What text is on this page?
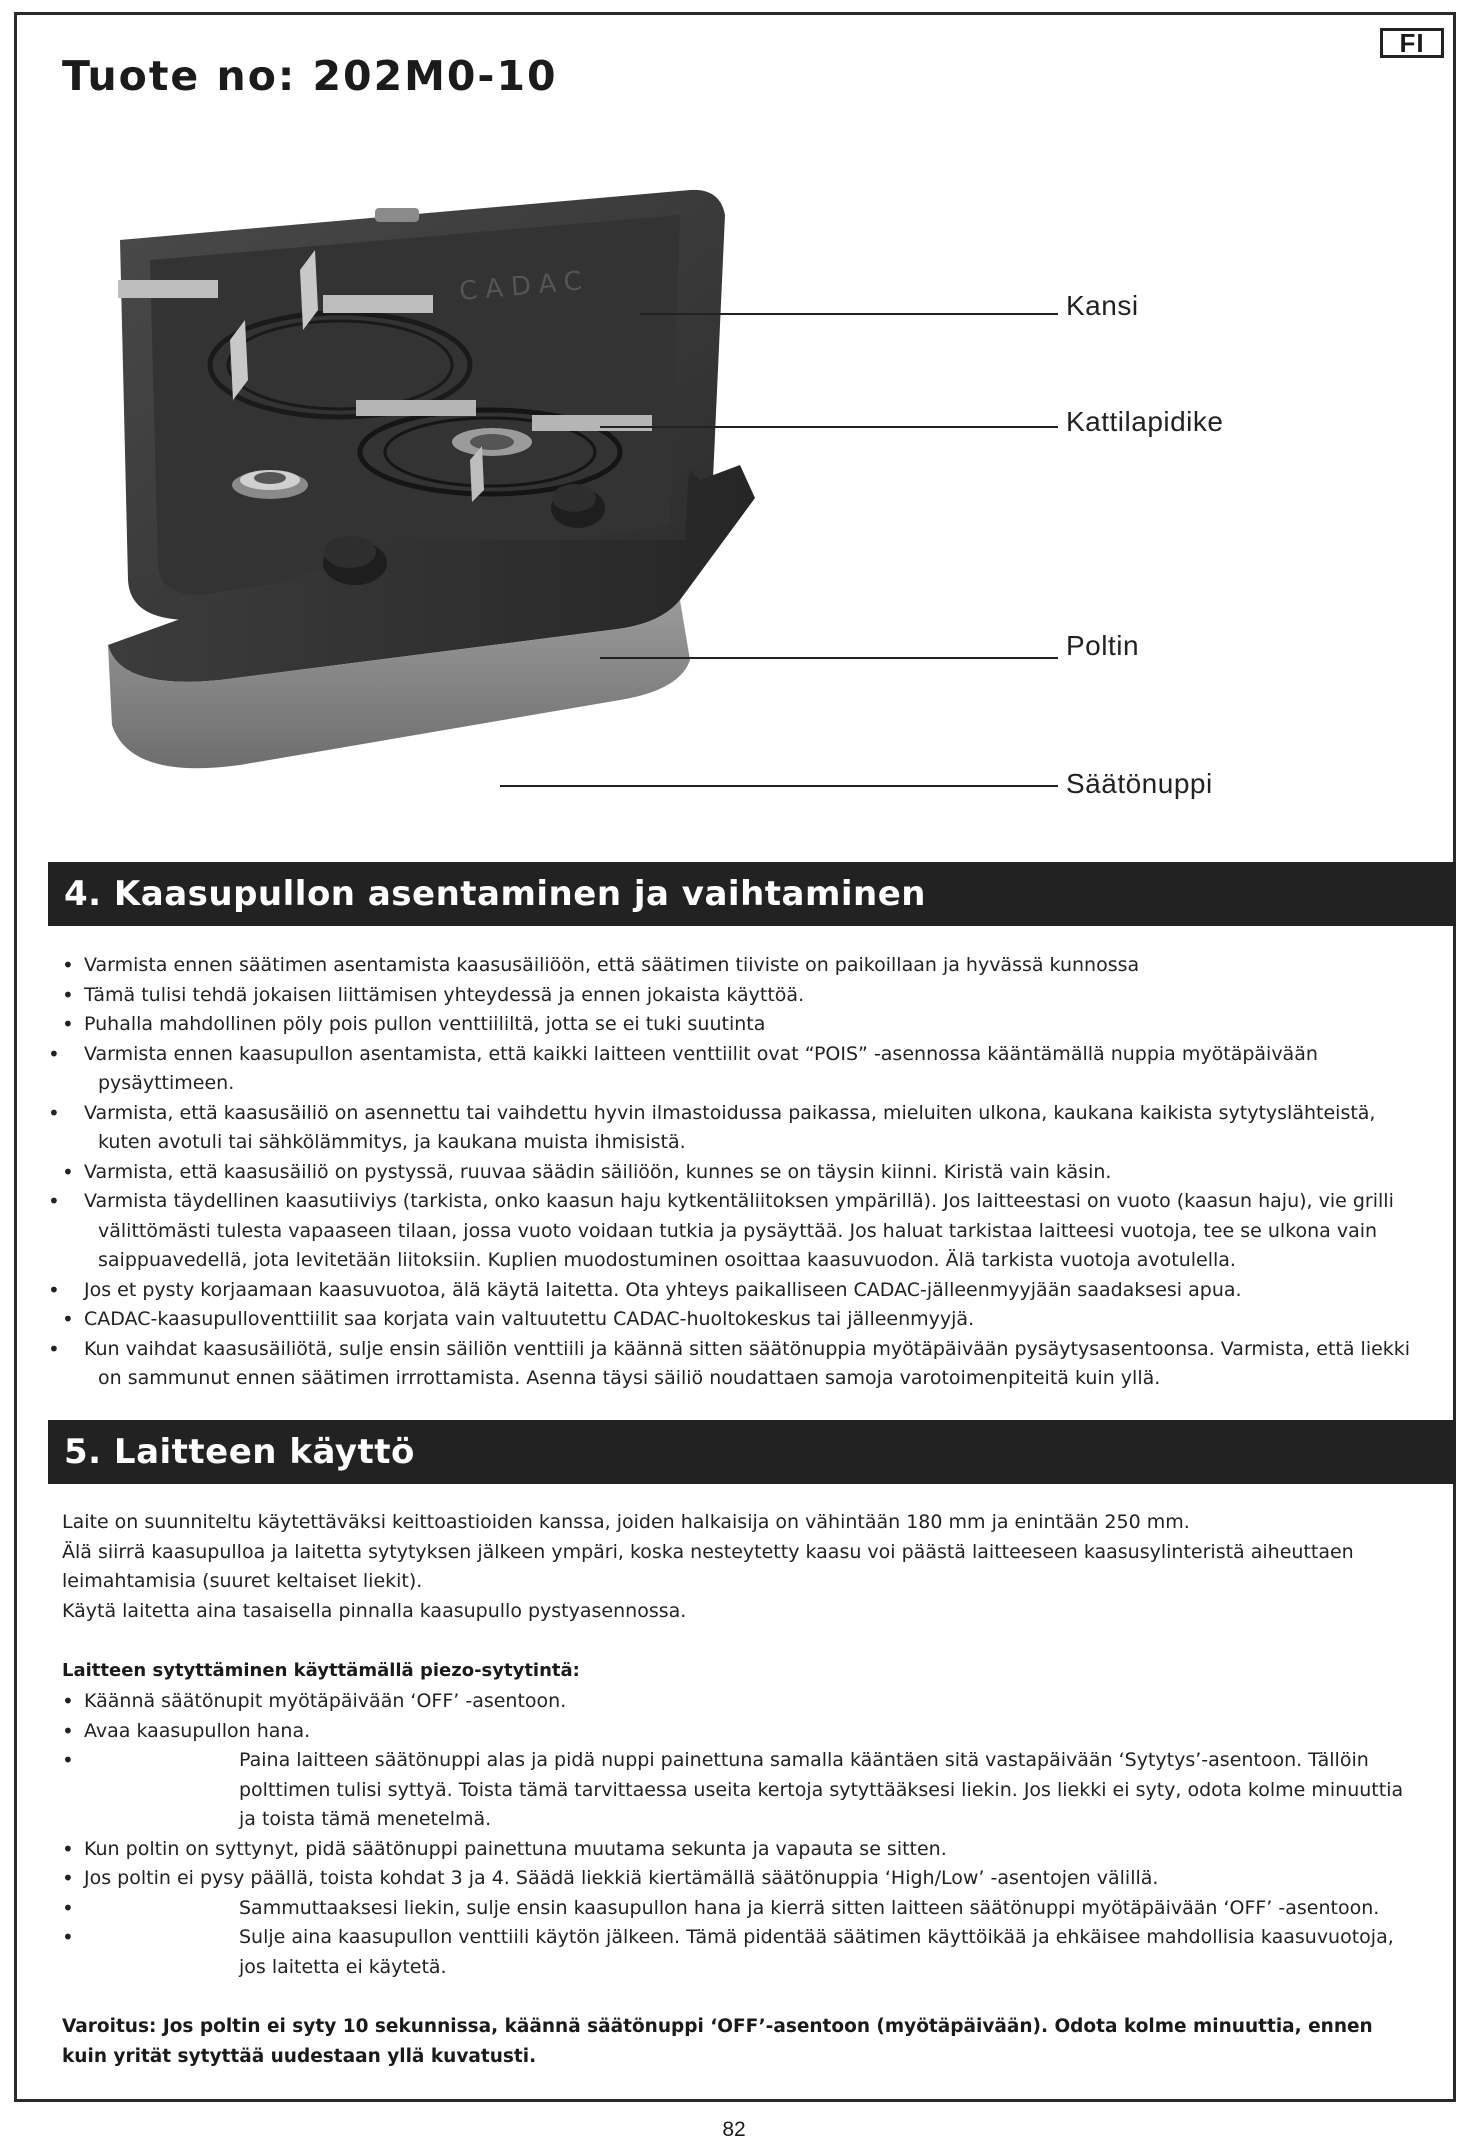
FI
Tuote no: 202M0-10
CADAC	Kansi
Kattilapidike
Poltin
Säätönuppi
4. Kaasupullon asentaminen ja vaihtaminen
• Varmista ennen säätimen asentamista kaasusäiliöön, että säätimen tiiviste on paikoillaan ja hyvässä kunnossa
• Tämä tulisi tehdä jokaisen liittämisen yhteydessä ja ennen jokaista käyttöä.
• Puhalla mahdollinen pöly pois pullon venttiililtä, jotta se ei tuki suutinta
• Varmista ennen kaasupullon asentamista, että kaikki laitteen venttiilit ovat “POIS” -asennossa kääntämällä nuppia myötäpäivään pysäyttimeen.
• Varmista, että kaasusäiliö on asennettu tai vaihdettu hyvin ilmastoidussa paikassa, mieluiten ulkona, kaukana kaikista sytytyslähteistä, kuten avotuli tai sähkölämmitys, ja kaukana muista ihmisistä.
• Varmista, että kaasusäiliö on pystyssä, ruuvaa säädin säiliöön, kunnes se on täysin kiinni. Kiristä vain käsin.
• Varmista täydellinen kaasutiiviys (tarkista, onko kaasun haju kytkentäliitoksen ympärillä). Jos laitteestasi on vuoto (kaasun haju), vie grilli välittömästi tulesta vapaaseen tilaan, jossa vuoto voidaan tutkia ja pysäyttää. Jos haluat tarkistaa laitteesi vuotoja, tee se ulkona vain saippuavedellä, jota levitetään liitoksiin. Kuplien muodostuminen osoittaa kaasuvuodon. Älä tarkista vuotoja avotulella.
• Jos et pysty korjaamaan kaasuvuotoa, älä käytä laitetta. Ota yhteys paikalliseen CADAC-jälleenmyyjään saadaksesi apua.
• CADAC-kaasupulloventtiilit saa korjata vain valtuutettu CADAC-huoltokeskus tai jälleenmyyjä.
• Kun vaihdat kaasusäiliötä, sulje ensin säiliön venttiili ja käännä sitten säätönuppia myötäpäivään pysäytysasentoonsa. Varmista, että liekki on sammunut ennen säätimen irrrottamista. Asenna täysi säiliö noudattaen samoja varotoimenpiteitä kuin yllä.
5. Laitteen käyttö
Laite on suunniteltu käytettäväksi keittoastioiden kanssa, joiden halkaisija on vähintään 180 mm ja enintään 250 mm.
Älä siirrä kaasupulloa ja laitetta sytytyksen jälkeen ympäri, koska nesteytetty kaasu voi päästä laitteeseen kaasusylinteristä aiheuttaen leimahtamisia (suuret keltaiset liekit).
Käytä laitetta aina tasaisella pinnalla kaasupullo pystyasennossa.
Laitteen sytyttäminen käyttämällä piezo-sytytintä:
• Käännä säätönupit myötäpäivään ‘OFF’ -asentoon.
• Avaa kaasupullon hana.
• Paina laitteen säätönuppi alas ja pidä nuppi painettuna samalla kääntäen sitä vastapäivään ‘Sytytys’-asentoon. Tällöin polttimen tulisi syttyä. Toista tämä tarvittaessa useita kertoja sytyttääksesi liekin. Jos liekki ei syty, odota kolme minuuttia ja toista tämä menetelmä.
• Kun poltin on syttynyt, pidä säätönuppi painettuna muutama sekunta ja vapauta se sitten.
• Jos poltin ei pysy päällä, toista kohdat 3 ja 4. Säädä liekkiä kiertämällä säätönuppia ‘High/Low’ -asentojen välillä.
• Sammuttaaksesi liekin, sulje ensin kaasupullon hana ja kierrä sitten laitteen säätönuppi myötäpäivään ‘OFF’ -asentoon.
• Sulje aina kaasupullon venttiili käytön jälkeen. Tämä pidentää säätimen käyttöikää ja ehkäisee mahdollisia kaasuvuotoja, jos laitetta ei käytetä.

Varoitus: Jos poltin ei syty 10 sekunnissa, käännä säätönuppi ‘OFF’-asentoon (myötäpäivään). Odota kolme minuuttia, ennen kuin yrität sytyttää uudestaan yllä kuvatusti.

82
